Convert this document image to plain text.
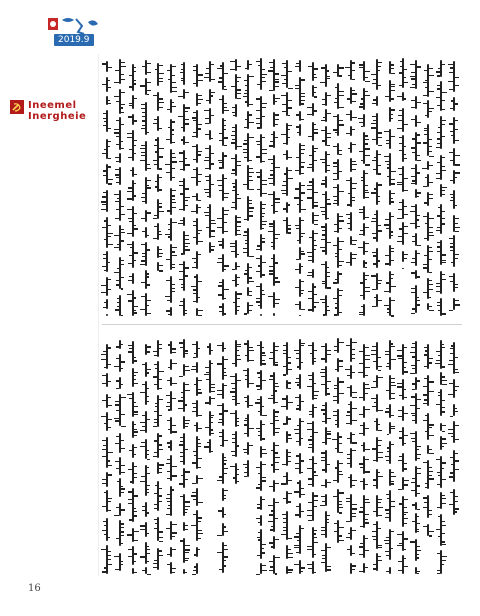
2019.9
Ineemel Inergheie
16
